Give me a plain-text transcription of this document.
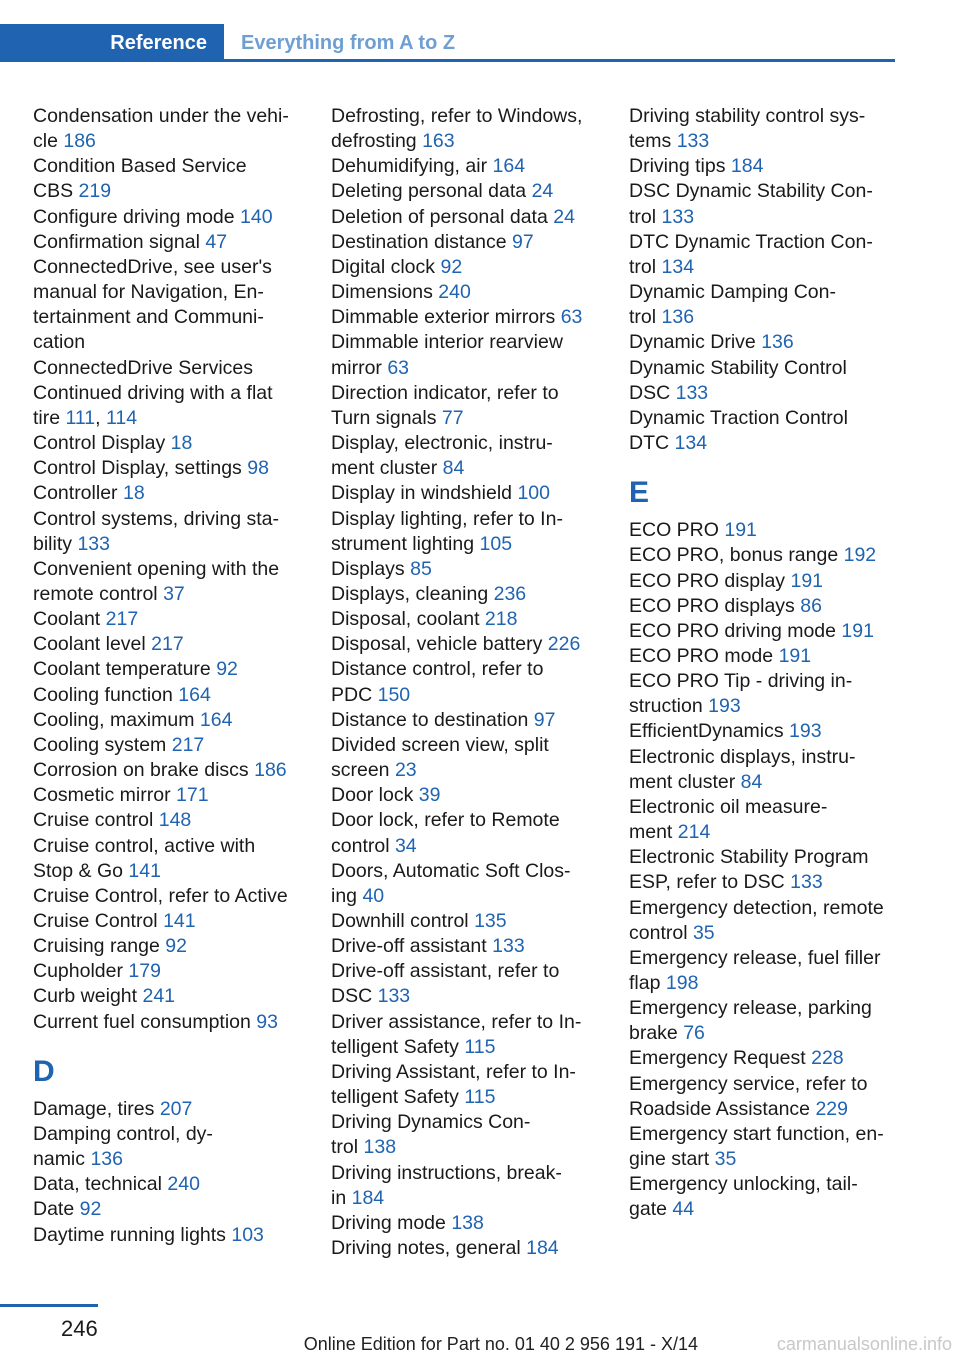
Reference	Everything from A to Z
Condensation under the vehi-
cle 186
Condition Based Service
CBS 219
Configure driving mode 140
Confirmation signal 47
ConnectedDrive, see user's
manual for Navigation, En-
tertainment and Communi-
cation
ConnectedDrive Services
Continued driving with a flat
tire 111, 114
Control Display 18
Control Display, settings 98
Controller 18
Control systems, driving sta-
bility 133
Convenient opening with the
remote control 37
Coolant 217
Coolant level 217
Coolant temperature 92
Cooling function 164
Cooling, maximum 164
Cooling system 217
Corrosion on brake discs 186
Cosmetic mirror 171
Cruise control 148
Cruise control, active with
Stop & Go 141
Cruise Control, refer to Active
Cruise Control 141
Cruising range 92
Cupholder 179
Curb weight 241
Current fuel consumption 93
D
Damage, tires 207
Damping control, dy-
namic 136
Data, technical 240
Date 92
Daytime running lights 103
Defrosting, refer to Windows,
defrosting 163
Dehumidifying, air 164
Deleting personal data 24
Deletion of personal data 24
Destination distance 97
Digital clock 92
Dimensions 240
Dimmable exterior mirrors 63
Dimmable interior rearview
mirror 63
Direction indicator, refer to
Turn signals 77
Display, electronic, instru-
ment cluster 84
Display in windshield 100
Display lighting, refer to In-
strument lighting 105
Displays 85
Displays, cleaning 236
Disposal, coolant 218
Disposal, vehicle battery 226
Distance control, refer to
PDC 150
Distance to destination 97
Divided screen view, split
screen 23
Door lock 39
Door lock, refer to Remote
control 34
Doors, Automatic Soft Clos-
ing 40
Downhill control 135
Drive-off assistant 133
Drive-off assistant, refer to
DSC 133
Driver assistance, refer to In-
telligent Safety 115
Driving Assistant, refer to In-
telligent Safety 115
Driving Dynamics Con-
trol 138
Driving instructions, break-
in 184
Driving mode 138
Driving notes, general 184
Driving stability control sys-
tems 133
Driving tips 184
DSC Dynamic Stability Con-
trol 133
DTC Dynamic Traction Con-
trol 134
Dynamic Damping Con-
trol 136
Dynamic Drive 136
Dynamic Stability Control
DSC 133
Dynamic Traction Control
DTC 134
E
ECO PRO 191
ECO PRO, bonus range 192
ECO PRO display 191
ECO PRO displays 86
ECO PRO driving mode 191
ECO PRO mode 191
ECO PRO Tip - driving in-
struction 193
EfficientDynamics 193
Electronic displays, instru-
ment cluster 84
Electronic oil measure-
ment 214
Electronic Stability Program
ESP, refer to DSC 133
Emergency detection, remote
control 35
Emergency release, fuel filler
flap 198
Emergency release, parking
brake 76
Emergency Request 228
Emergency service, refer to
Roadside Assistance 229
Emergency start function, en-
gine start 35
Emergency unlocking, tail-
gate 44
246
Online Edition for Part no. 01 40 2 956 191 - X/14	carmanualsonline.info
